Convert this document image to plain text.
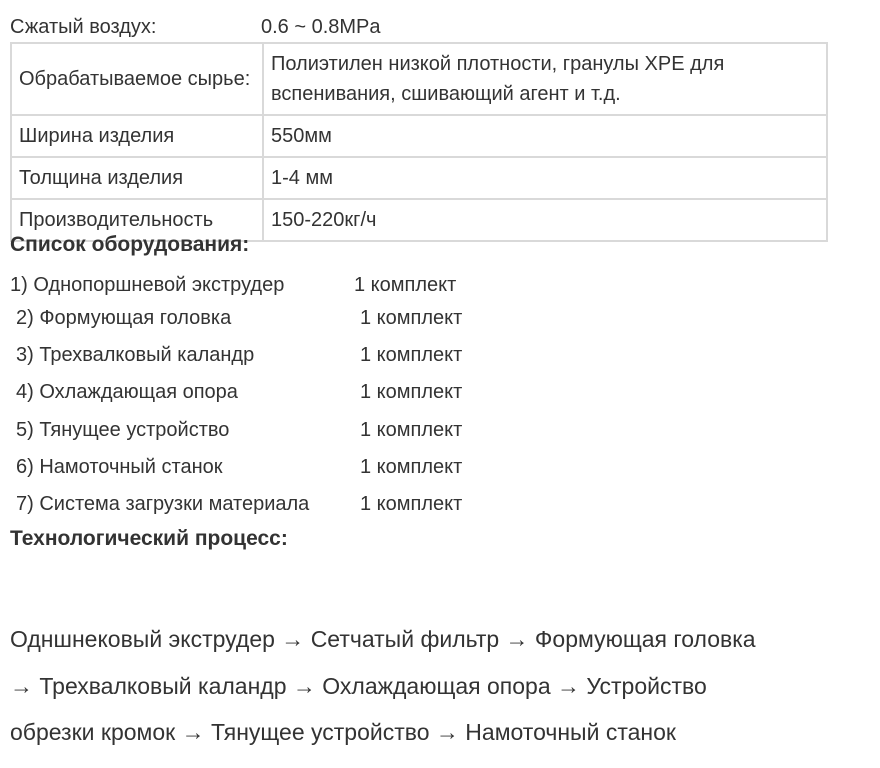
Сжатый воздух:	0.6 ~ 0.8MPa
Обрабатываемое сырье:	Полиэтилен низкой плотности, гранулы XPE для вспенивания, сшивающий агент и т.д.
Ширина изделия	550мм
Толщина изделия	1-4 мм
Производительность	150-220кг/ч
Список оборудования:
1) Однопоршневой экструдер	1 комплект
2) Формующая головка	1 комплект
3) Трехвалковый каландр	1 комплект
4) Охлаждающая опора	1 комплект
5) Тянущее устройство	1 комплект
6) Намоточный станок	1 комплект
7) Система загрузки материала	1 комплект
Технологический процесс:
Одншнековый экструдер → Сетчатый фильтр → Формующая головка
→ Трехвалковый каландр → Охлаждающая опора → Устройство
обрезки кромок → Тянущее устройство → Намоточный станок
